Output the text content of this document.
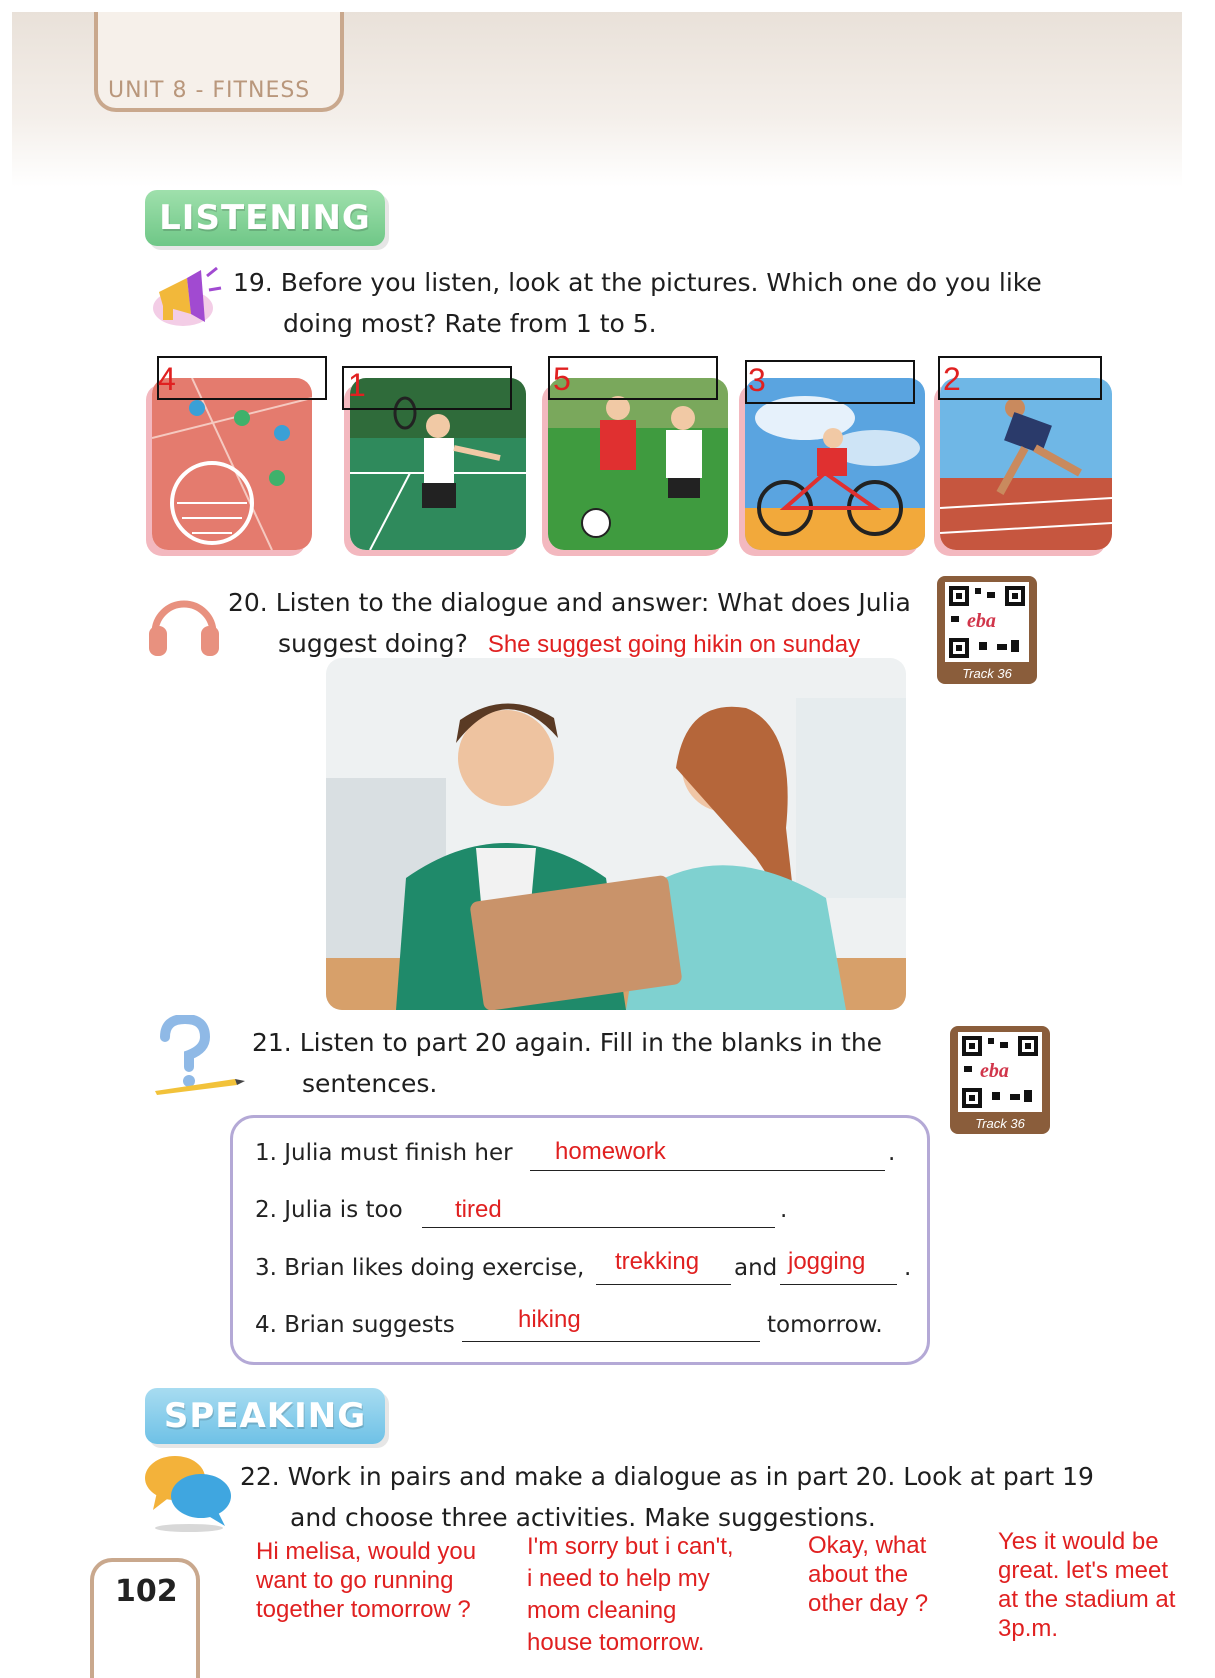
UNIT 8 - FITNESS
LISTENING
19. Before you listen, look at the pictures. Which one do you like
doing most? Rate from 1 to 5.
4	1	5	3	2
20. Listen to the dialogue and answer: What does Julia
suggest doing? She suggest going hikin on sunday
eba
Track 36
21. Listen to part 20 again. Fill in the blanks in the
sentences.	eba
Track 36
1. Julia must finish her homework	.
2. Julia is too tired	.
3. Brian likes doing exercise, trekking and jogging .
4. Brian suggests	hiking	tomorrow.
SPEAKING
22. Work in pairs and make a dialogue as in part 20. Look at part 19
and choose three activities. Make suggestions.
Hi melisa, would you
want to go running
together tomorrow ?
I'm sorry but i can't,
i need to help my
mom cleaning
house tomorrow.
Okay, what
about the
other day ?
Yes it would be
great. let's meet
at the stadium at
3p.m.
102
